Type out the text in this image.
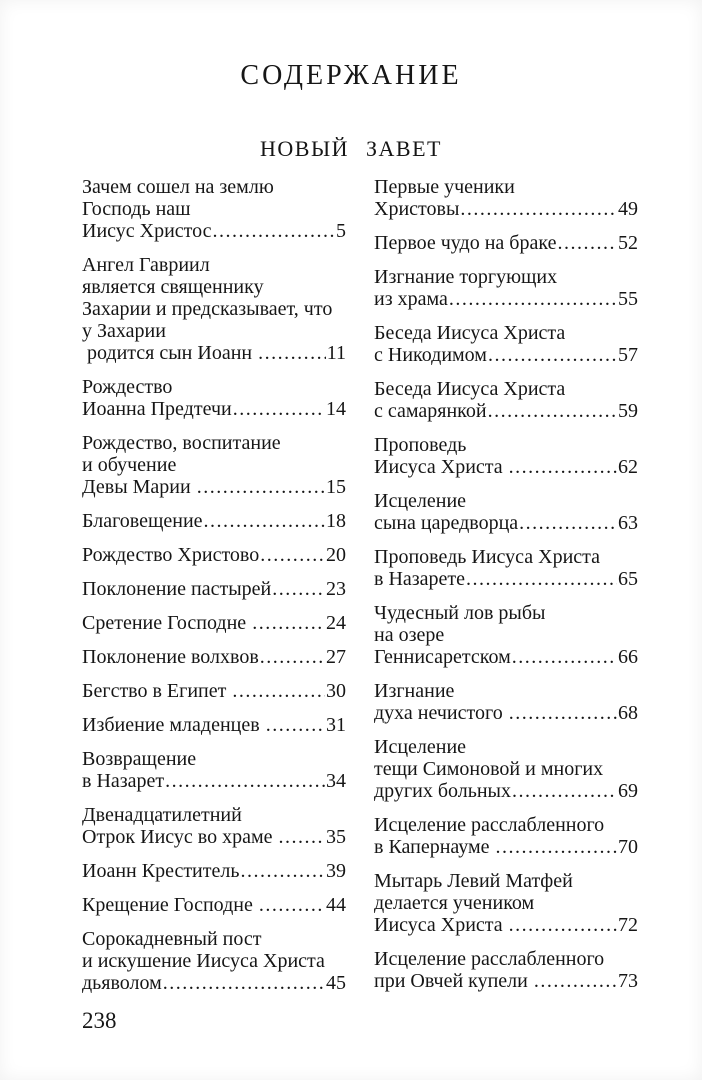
СОДЕРЖАНИЕ
НОВЫЙ ЗАВЕТ
Зачем сошел на землю
Господь наш
Иисус Христос .....	5
Ангел Гавриил
является священнику
Захарии и предсказывает, что
у Захарии
родится сын Иоанн .....	11
Рождество
Иоанна Предтечи .....	14
Рождество, воспитание
и обучение
Девы Марии .....	15
Благовещение .....	18
Рождество Христово .....	20
Поклонение пастырей .....	23
Сретение Господне .....	24
Поклонение волхвов .....	27
Бегство в Египет .....	30
Избиение младенцев .....	31
Возвращение
в Назарет .....	34
Двенадцатилетний
Отрок Иисус во храме ..... 35
Иоанн Креститель .....	39
Крещение Господне .....	44
Сорокадневный пост
и искушение Иисуса Христа
дьяволом .....	45
Первые ученики
Христовы .....	49
Первое чудо на браке .....	52
Изгнание торгующих
из храма .....	55
Беседа Иисуса Христа
с Никодимом .....	57
Беседа Иисуса Христа
с самарянкой .....	59
Проповедь
Иисуса Христа .....	62
Исцеление
сына царедворца .....	63
Проповедь Иисуса Христа
в Назарете .....	65
Чудесный лов рыбы
на озере
Геннисаретском .....	66
Изгнание
духа нечистого .....	68
Исцеление
тещи Симоновой и многих
других больных .....	69
Исцеление расслабленного
в Капернауме .....	70
Мытарь Левий Матфей
делается учеником
Иисуса Христа .....	72
Исцеление расслабленного
при Овчей купели .....	73
238
